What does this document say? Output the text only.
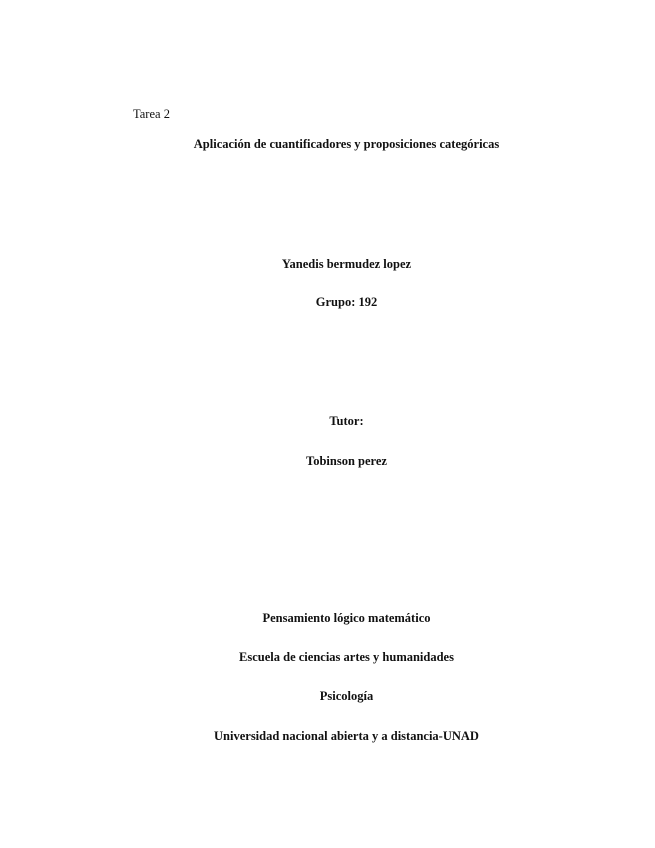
Tarea 2
Aplicación de cuantificadores y proposiciones categóricas
Yanedis bermudez lopez
Grupo: 192
Tutor:
Tobinson perez
Pensamiento lógico matemático
Escuela de ciencias artes y humanidades
Psicología
Universidad nacional abierta y a distancia-UNAD
